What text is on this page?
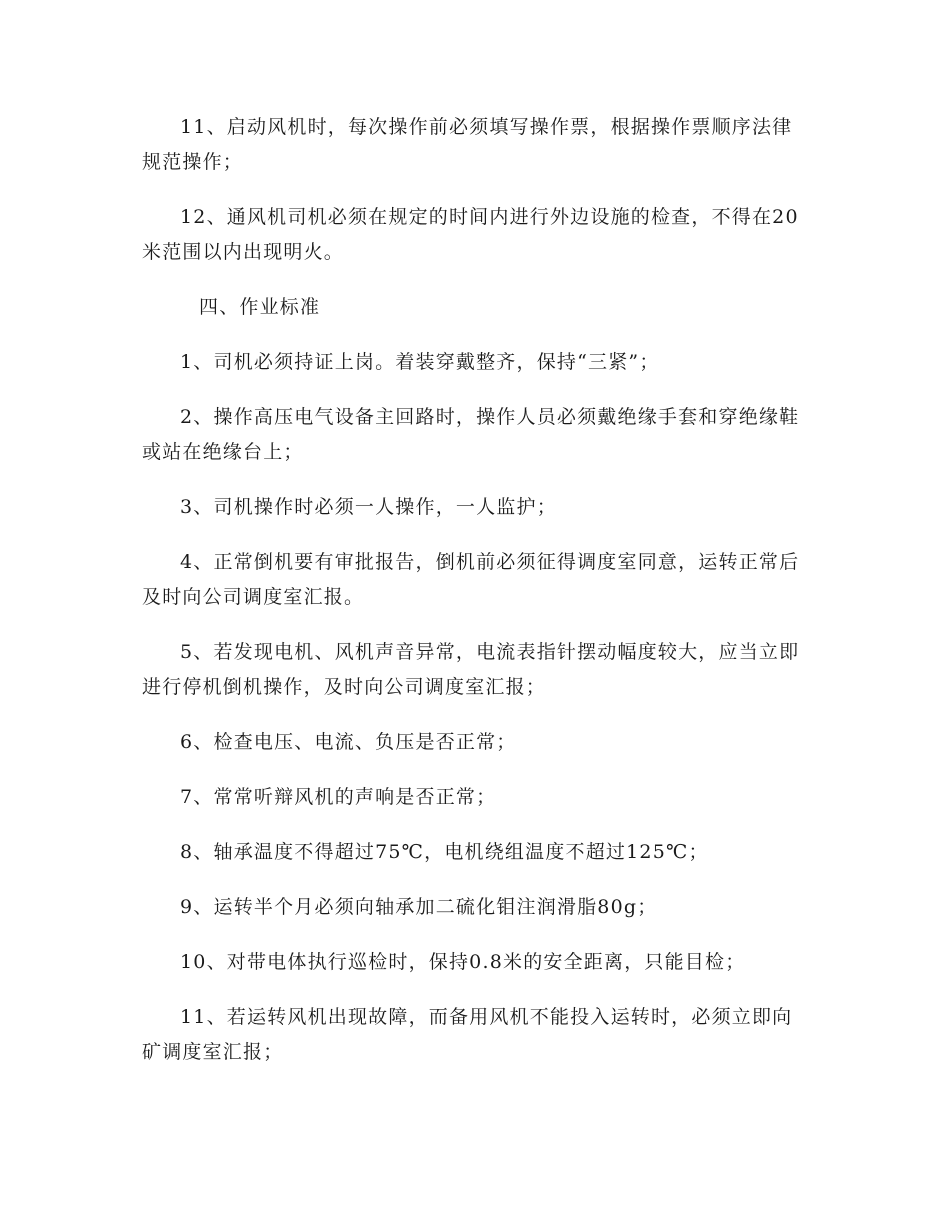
11、启动风机时，每次操作前必须填写操作票，根据操作票顺序法律规范操作；

12、通风机司机必须在规定的时间内进行外边设施的检查，不得在20米范围以内出现明火。

四、作业标准

1、司机必须持证上岗。着装穿戴整齐，保持“三紧”；

2、操作高压电气设备主回路时，操作人员必须戴绝缘手套和穿绝缘鞋或站在绝缘台上；

3、司机操作时必须一人操作，一人监护；

4、正常倒机要有审批报告，倒机前必须征得调度室同意，运转正常后及时向公司调度室汇报。

5、若发现电机、风机声音异常，电流表指针摆动幅度较大，应当立即进行停机倒机操作，及时向公司调度室汇报；

6、检查电压、电流、负压是否正常；

7、常常听辩风机的声响是否正常；

8、轴承温度不得超过75℃，电机绕组温度不超过125℃；

9、运转半个月必须向轴承加二硫化钼注润滑脂80g；

10、对带电体执行巡检时，保持0.8米的安全距离，只能目检；

11、若运转风机出现故障，而备用风机不能投入运转时，必须立即向矿调度室汇报；
